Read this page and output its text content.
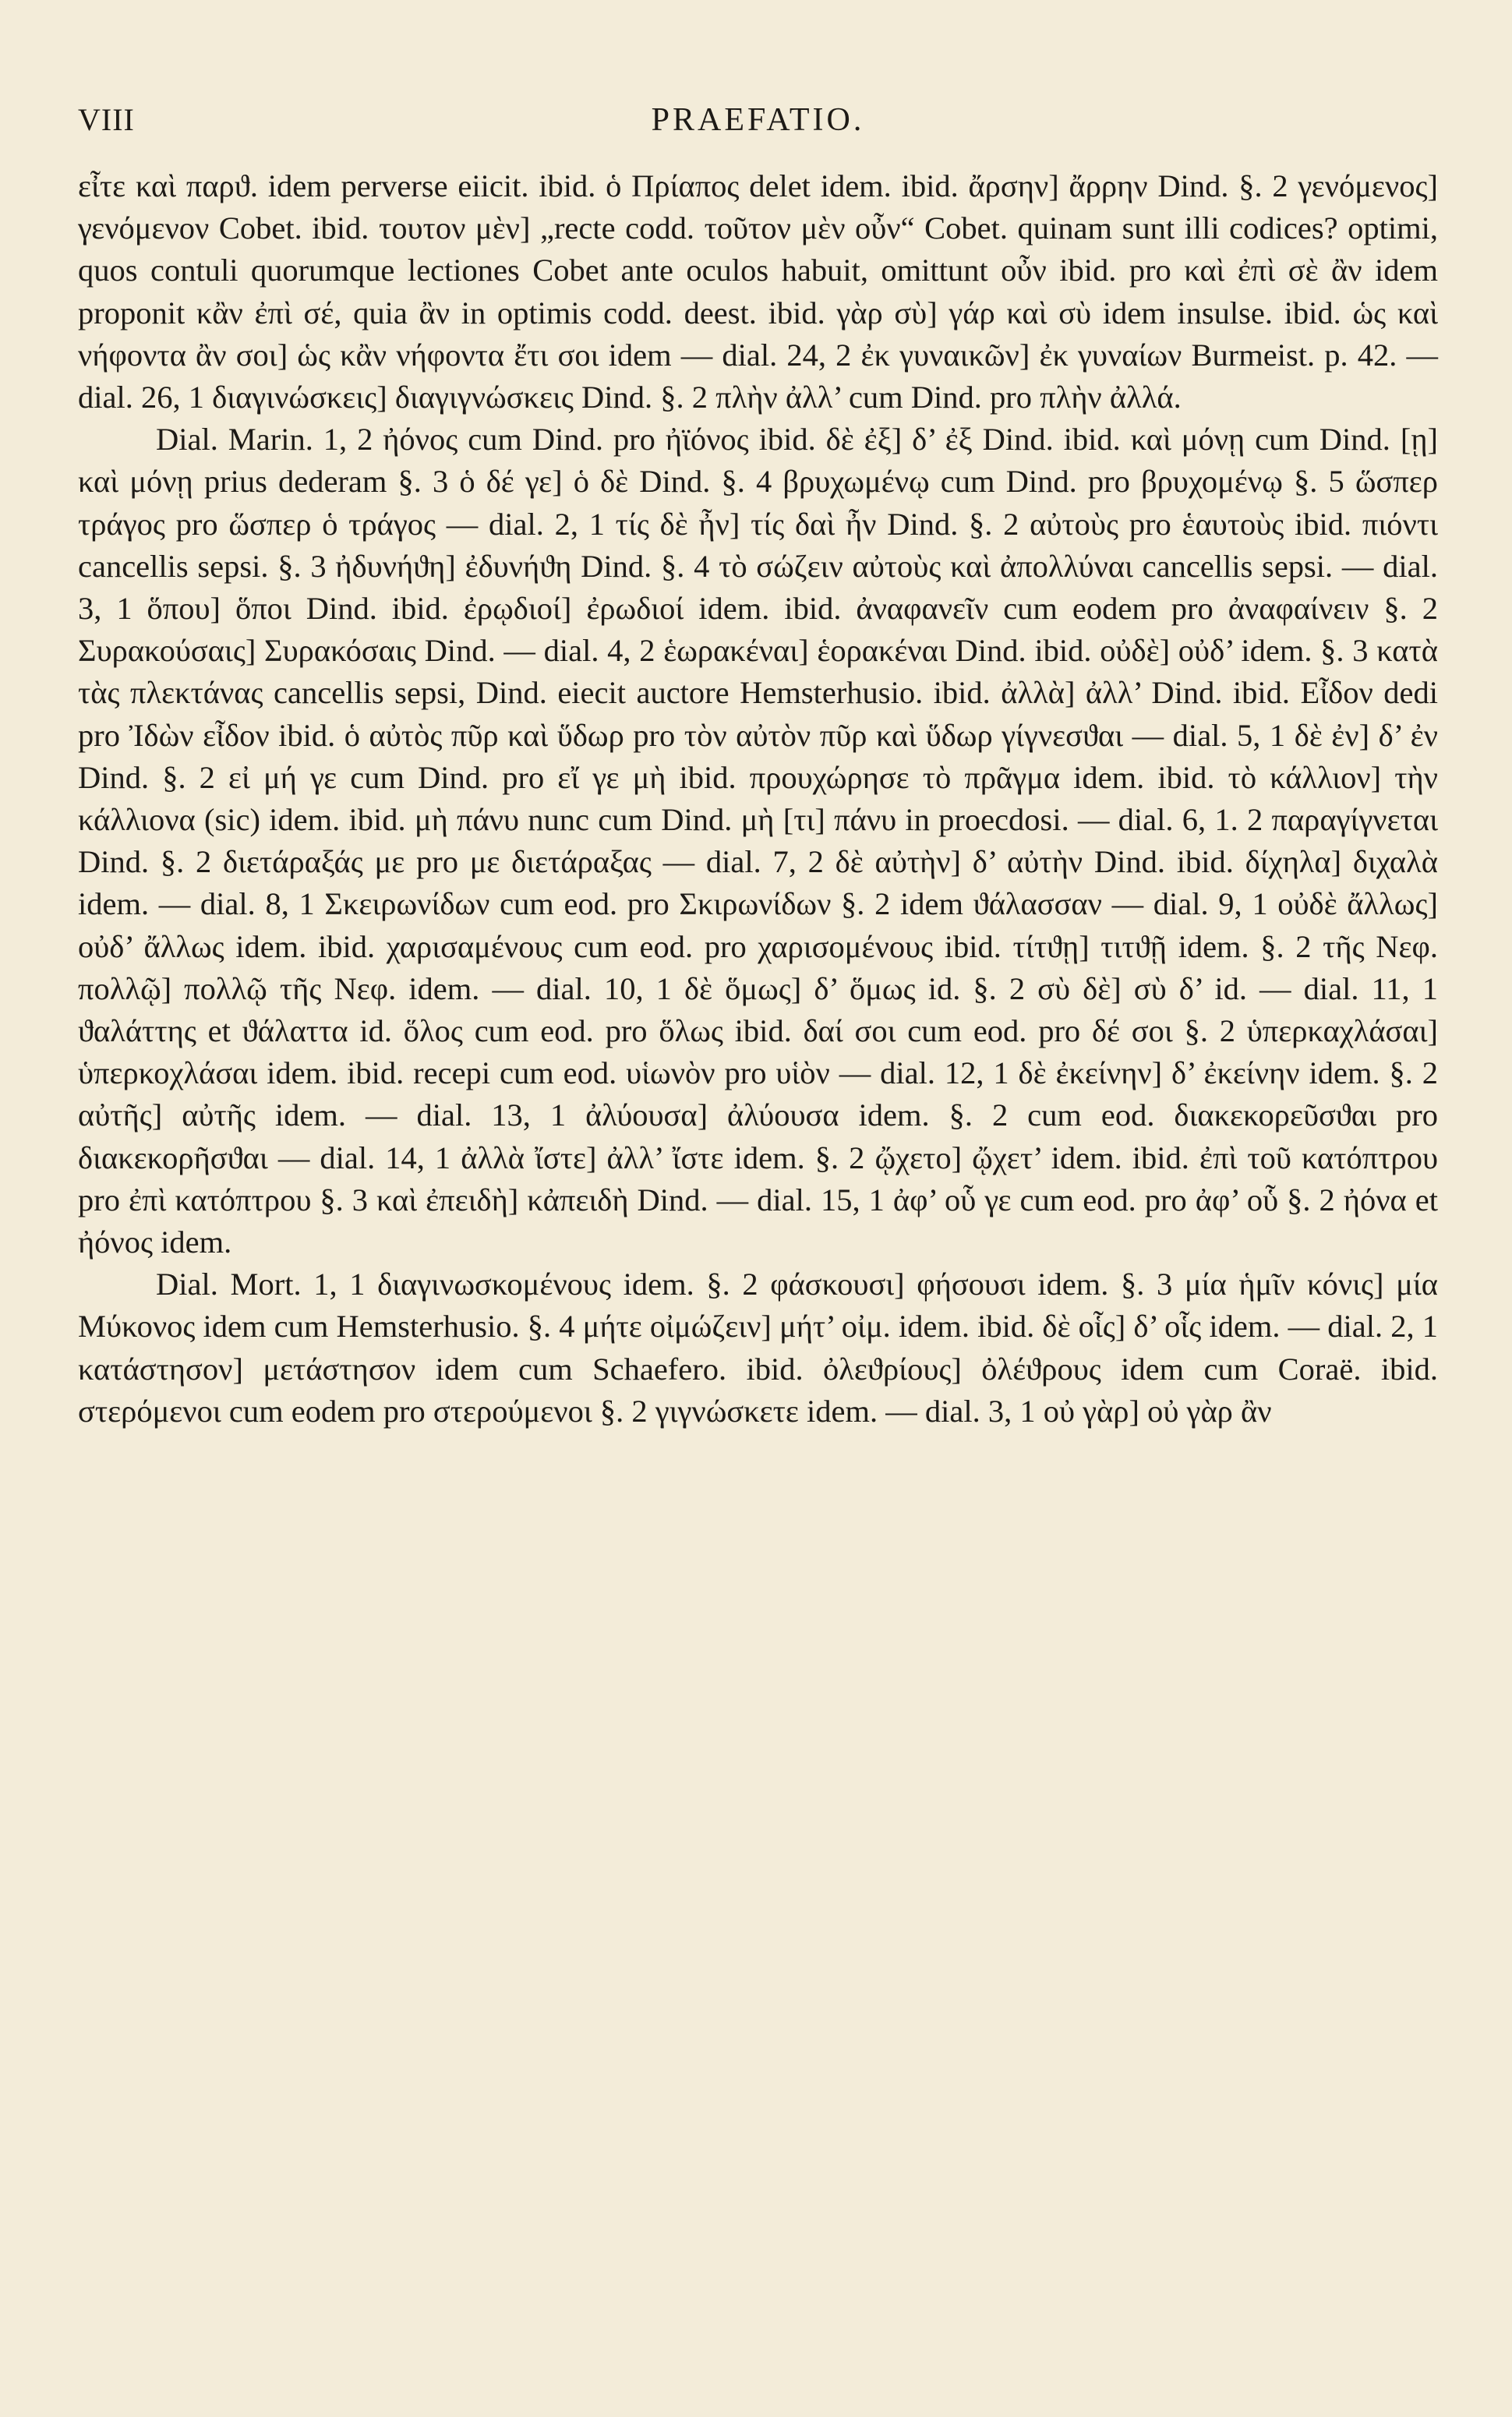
VIII	PRAEFATIO.

εἶτε καὶ παρϑ. idem perverse eiicit. ibid. ὁ Πρίαπος delet idem. ibid. ἄρσην] ἄρρην Dind. §. 2 γενόμενος] γενόμενον Cobet. ibid. τουτον μὲν] „recte codd. τοῦτον μὲν οὖν“ Cobet. quinam sunt illi codices? optimi, quos contuli quorumque lectiones Cobet ante oculos habuit, omittunt οὖν ibid. pro καὶ ἐπὶ σὲ ἂν idem proponit κἂν ἐπὶ σέ, quia ἂν in optimis codd. deest. ibid. γὰρ σὺ] γάρ καὶ σὺ idem insulse. ibid. ὡς καὶ νήφοντα ἂν σοι] ὡς κἂν νήφοντα ἔτι σοι idem — dial. 24, 2 ἐκ γυναικῶν] ἐκ γυναίων Burmeist. p. 42. — dial. 26, 1 διαγινώσκεις] διαγιγνώσκεις Dind. §. 2 πλὴν ἀλλ’ cum Dind. pro πλὴν ἀλλά.

Dial. Marin. 1, 2 ἠόνος cum Dind. pro ἠϊόνος ibid. δὲ ἐξ] δ’ ἐξ Dind. ibid. καὶ μόνῃ cum Dind. [ῃ] καὶ μόνῃ prius dederam §. 3 ὁ δέ γε] ὁ δὲ Dind. §. 4 βρυχωμένῳ cum Dind. pro βρυχομένῳ §. 5 ὥσπερ τράγος pro ὥσπερ ὁ τράγος — dial. 2, 1 τίς δὲ ἦν] τίς δαὶ ἦν Dind. §. 2 αὐτοὺς pro ἑαυτοὺς ibid. πιόντι cancellis sepsi. §. 3 ἠδυνήϑη] ἐδυνήϑη Dind. §. 4 τὸ σώζειν αὐτοὺς καὶ ἀπολλύναι cancellis sepsi. — dial. 3, 1 ὅπου] ὅποι Dind. ibid. ἐρῳδιοί] ἐρωδιοί idem. ibid. ἀναφανεῖν cum eodem pro ἀναφαίνειν §. 2 Συρακούσαις] Συρακόσαις Dind. — dial. 4, 2 ἑωρακέναι] ἑορακέναι Dind. ibid. οὐδὲ] οὐδ’ idem. §. 3 κατὰ τὰς πλεκτάνας cancellis sepsi, Dind. eiecit auctore Hemsterhusio. ibid. ἀλλὰ] ἀλλ’ Dind. ibid. Εἶδον dedi pro Ἰδὼν εἶδον ibid. ὁ αὐτὸς πῦρ καὶ ὕδωρ pro τὸν αὐτὸν πῦρ καὶ ὕδωρ γίγνεσϑαι — dial. 5, 1 δὲ ἐν] δ’ ἐν Dind. §. 2 εἰ μή γε cum Dind. pro εἴ γε μὴ ibid. προυχώρησε τὸ πρᾶγμα idem. ibid. τὸ κάλλιον] τὴν κάλλιονα (sic) idem. ibid. μὴ πάνυ nunc cum Dind. μὴ [τι] πάνυ in proecdosi. — dial. 6, 1. 2 παραγίγνεται Dind. §. 2 διετάραξάς με pro με διετάραξας — dial. 7, 2 δὲ αὐτὴν] δ’ αὐτὴν Dind. ibid. δίχηλα] διχαλὰ idem. — dial. 8, 1 Σκειρωνίδων cum eod. pro Σκιρωνίδων §. 2 idem ϑάλασσαν — dial. 9, 1 οὐδὲ ἄλλως] οὐδ’ ἄλλως idem. ibid. χαρισαμένους cum eod. pro χαρισομένους ibid. τίτϑῃ] τιτϑῇ idem. §. 2 τῆς Νεφ. πολλῷ] πολλῷ τῆς Νεφ. idem. — dial. 10, 1 δὲ ὅμως] δ’ ὅμως id. §. 2 σὺ δὲ] σὺ δ’ id. — dial. 11, 1 ϑαλάττης et ϑάλαττα id. ὅλος cum eod. pro ὅλως ibid. δαί σοι cum eod. pro δέ σοι §. 2 ὑπερκαχλάσαι] ὑπερκοχλάσαι idem. ibid. recepi cum eod. υἱωνὸν pro υἱὸν — dial. 12, 1 δὲ ἐκείνην] δ’ ἐκείνην idem. §. 2 αὐτῆς] αὐτῆς idem. — dial. 13, 1 ἀλύουσα] ἀλύουσα idem. §. 2 cum eod. διακεκορεῦσϑαι pro διακεκορῆσϑαι — dial. 14, 1 ἀλλὰ ἴστε] ἀλλ’ ἴστε idem. §. 2 ᾤχετο] ᾤχετ’ idem. ibid. ἐπὶ τοῦ κατόπτρου pro ἐπὶ κατόπτρου §. 3 καὶ ἐπειδὴ] κἀπειδὴ Dind. — dial. 15, 1 ἀφ’ οὗ γε cum eod. pro ἀφ’ οὗ §. 2 ἠόνα et ἠόνος idem.

Dial. Mort. 1, 1 διαγινωσκομένους idem. §. 2 φάσκουσι] φήσουσι idem. §. 3 μία ἡμῖν κόνις] μία Μύκονος idem cum Hemsterhusio. §. 4 μήτε οἰμώζειν] μήτ’ οἰμ. idem. ibid. δὲ οἷς] δ’ οἷς idem. — dial. 2, 1 κατάστησον] μετάστησον idem cum Schaefero. ibid. ὀλεϑρίους] ὀλέϑρους idem cum Coraë. ibid. στερόμενοι cum eodem pro στερούμενοι §. 2 γιγνώσκετε idem. — dial. 3, 1 οὐ γὰρ] οὐ γὰρ ἂν
